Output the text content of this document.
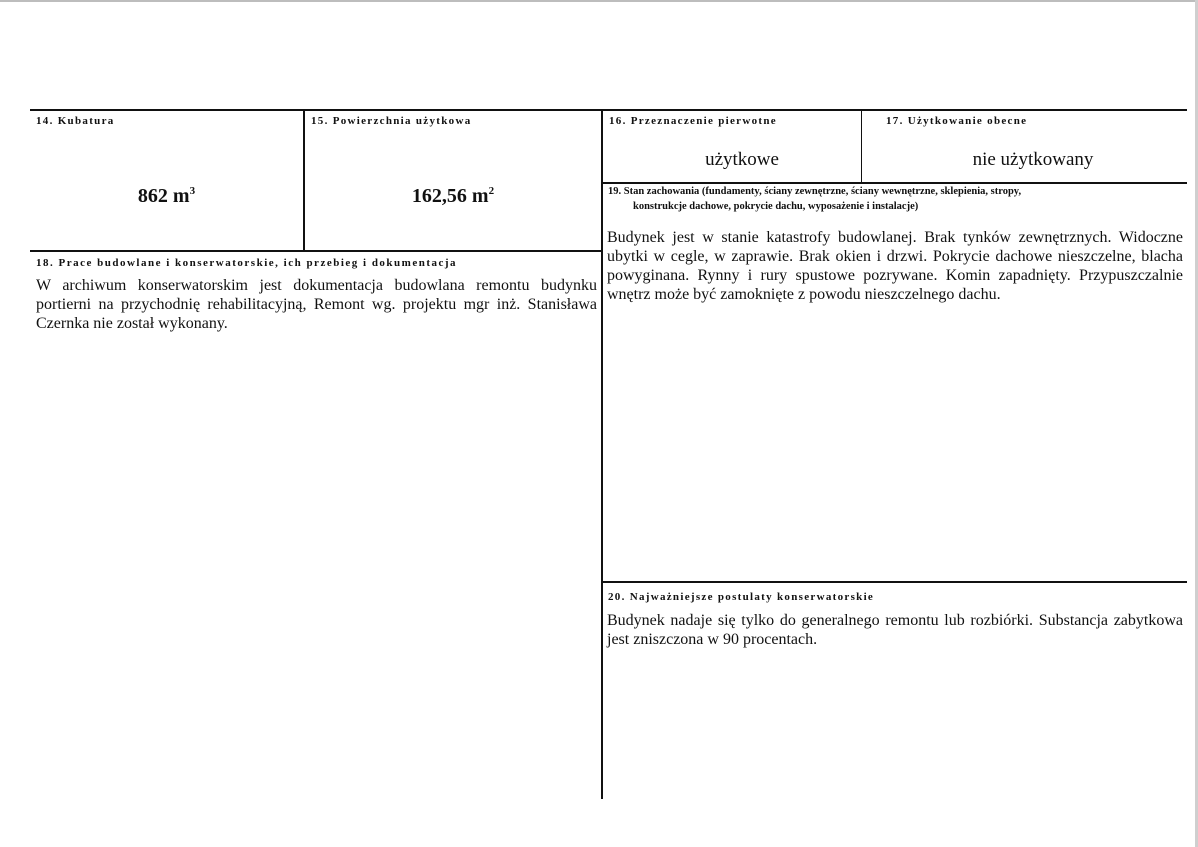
14. Kubatura
862 $m^3$
15. Powierzchnia użytkowa
162,56 $m^2$
16. Przeznaczenie pierwotne
użytkowe
17. Użytkowanie obecne
nie użytkowany
19. Stan zachowania (fundamenty, ściany zewnętrzne, ściany wewnętrzne, sklepienia, stropy,
konstrukcje dachowe, pokrycie dachu, wyposażenie i instalacje)
Budynek jest w stanie katastrofy budowlanej. Brak tynków zewnętrznych. Widoczne ubytki w cegle, w zaprawie. Brak okien i drzwi. Pokrycie dachowe nieszczelne, blacha powyginana. Rynny i rury spustowe pozrywane. Komin zapadnięty. Przypuszczalnie wnętrz może być zamoknięte z powodu nieszczelnego dachu.
18. Prace budowlane i konserwatorskie, ich przebieg i dokumentacja
W archiwum konserwatorskim jest dokumentacja budowlana remontu budynku portierni na przychodnię rehabilitacyjną, Remont wg. projektu mgr inż. Stanisława Czernka nie został wykonany.
20. Najważniejsze postulaty konserwatorskie
Budynek nadaje się tylko do generalnego remontu lub rozbiórki. Substancja zabytkowa jest zniszczona w 90 procentach.
